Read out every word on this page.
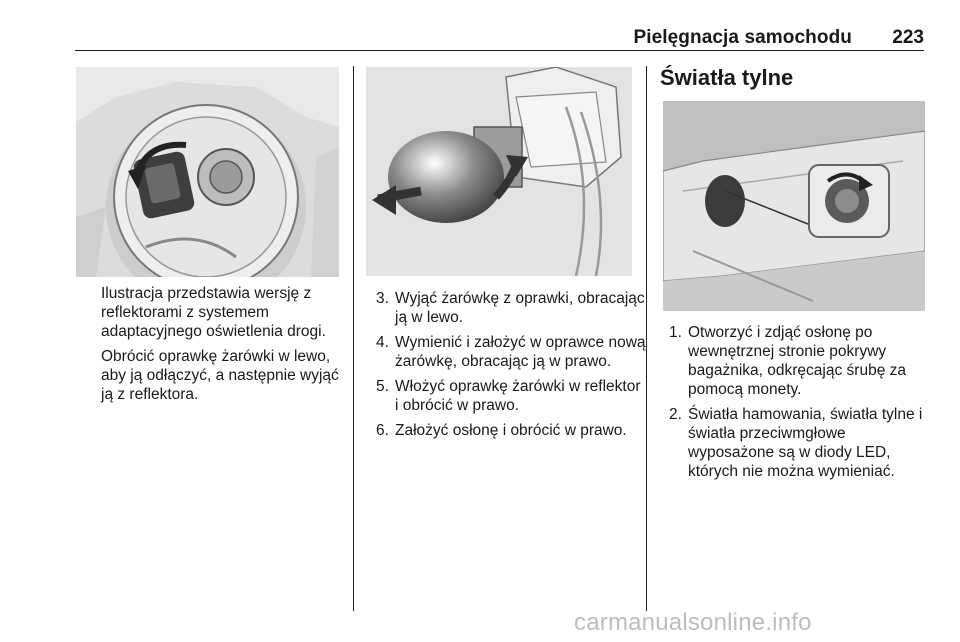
Pielęgnacja samochodu 223

Ilustracja przedstawia wersję z reflektorami z systemem adaptacyjnego oświetlenia drogi.

Obrócić oprawkę żarówki w lewo, aby ją odłączyć, a następnie wyjąć ją z reflektora.

3. Wyjąć żarówkę z oprawki, obracając ją w lewo.
4. Wymienić i założyć w oprawce nową żarówkę, obracając ją w prawo.
5. Włożyć oprawkę żarówki w reflektor i obrócić w prawo.
6. Założyć osłonę i obrócić w prawo.
Światła tylne
1. Otworzyć i zdjąć osłonę po wewnętrznej stronie pokrywy bagażnika, odkręcając śrubę za pomocą monety.
2. Światła hamowania, światła tylne i światła przeciwmgłowe wyposażone są w diody LED, których nie można wymieniać.
carmanualsonline.info
